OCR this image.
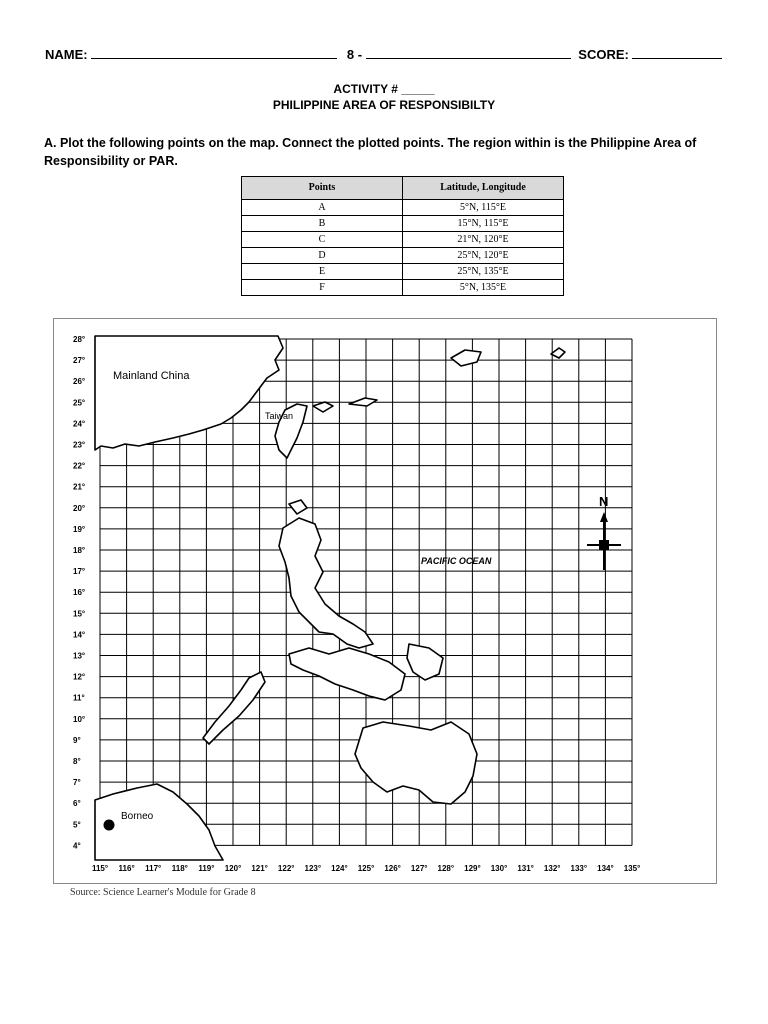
NAME:	8 -	SCORE:
ACTIVITY # _____
PHILIPPINE AREA OF RESPONSIBILTY
A. Plot the following points on the map. Connect the plotted points. The region within is the Philippine Area of Responsibility or PAR.
Points	Latitude, Longitude
A	5°N, 115°E
B	15°N, 115°E
C	21°N, 120°E
D	25°N, 120°E
E	25°N, 135°E
F	5°N, 135°E
28°
27°
26°
25°
24°
23°
22°
21°
20°
19°
18°
17°
16°
15°
14°
13°
12°
11°
10°
9°
8°
7°
6°
5°
4°
115° 116° 117° 118° 119° 120° 121° 122° 123° 124° 125° 126° 127° 128° 129° 130° 131° 132° 133° 134° 135°
Mainland China
Taiwan
PACIFIC OCEAN
Borneo
N
Source: Science Learner's Module for Grade 8
